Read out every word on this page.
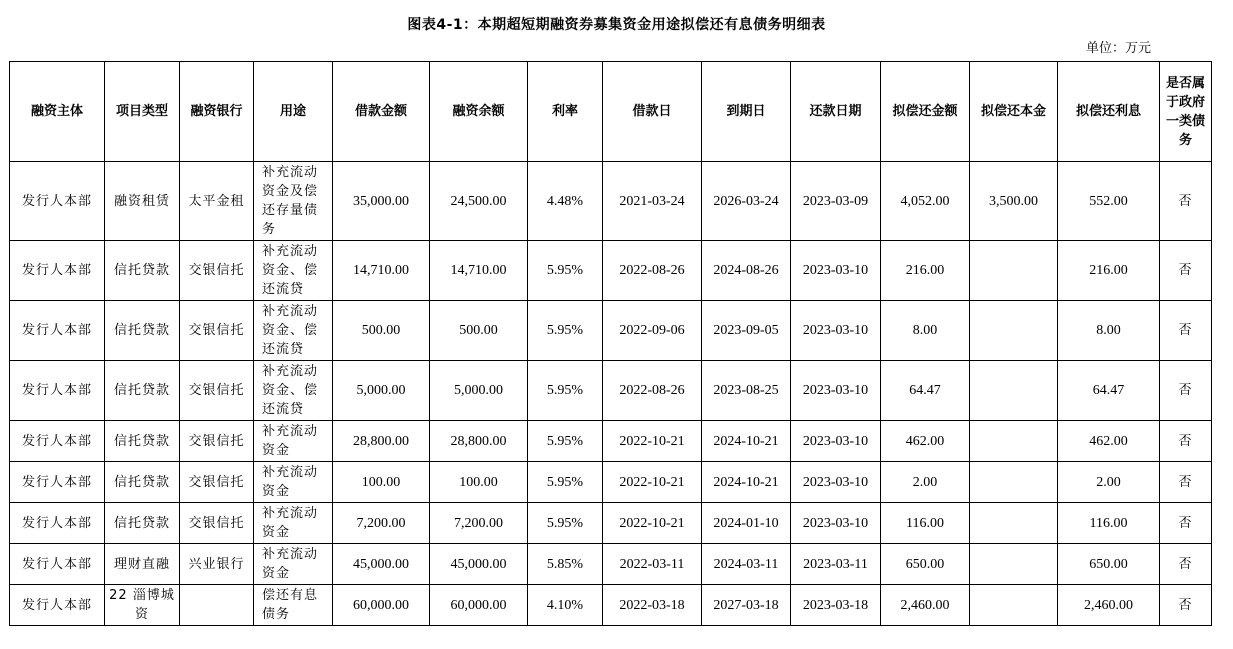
图表4-1：本期超短期融资券募集资金用途拟偿还有息债务明细表
单位：万元
融资主体	项目类型	融资银行	用途	借款金额	融资余额	利率	借款日	到期日	还款日期	拟偿还金额	拟偿还本金	拟偿还利息	是否属于政府一类债务
发行人本部	融资租赁	太平金租	补充流动资金及偿还存量债务	35,000.00	24,500.00	4.48%	2021-03-24	2026-03-24	2023-03-09	4,052.00	3,500.00	552.00	否
发行人本部	信托贷款	交银信托	补充流动资金、偿还流贷	14,710.00	14,710.00	5.95%	2022-08-26	2024-08-26	2023-03-10	216.00		216.00	否
发行人本部	信托贷款	交银信托	补充流动资金、偿还流贷	500.00	500.00	5.95%	2022-09-06	2023-09-05	2023-03-10	8.00		8.00	否
发行人本部	信托贷款	交银信托	补充流动资金、偿还流贷	5,000.00	5,000.00	5.95%	2022-08-26	2023-08-25	2023-03-10	64.47		64.47	否
发行人本部	信托贷款	交银信托	补充流动资金	28,800.00	28,800.00	5.95%	2022-10-21	2024-10-21	2023-03-10	462.00		462.00	否
发行人本部	信托贷款	交银信托	补充流动资金	100.00	100.00	5.95%	2022-10-21	2024-10-21	2023-03-10	2.00		2.00	否
发行人本部	信托贷款	交银信托	补充流动资金	7,200.00	7,200.00	5.95%	2022-10-21	2024-01-10	2023-03-10	116.00		116.00	否
发行人本部	理财直融	兴业银行	补充流动资金	45,000.00	45,000.00	5.85%	2022-03-11	2024-03-11	2023-03-11	650.00		650.00	否
发行人本部	22 淄博城 资		偿还有息债务	60,000.00	60,000.00	4.10%	2022-03-18	2027-03-18	2023-03-18	2,460.00		2,460.00	否
